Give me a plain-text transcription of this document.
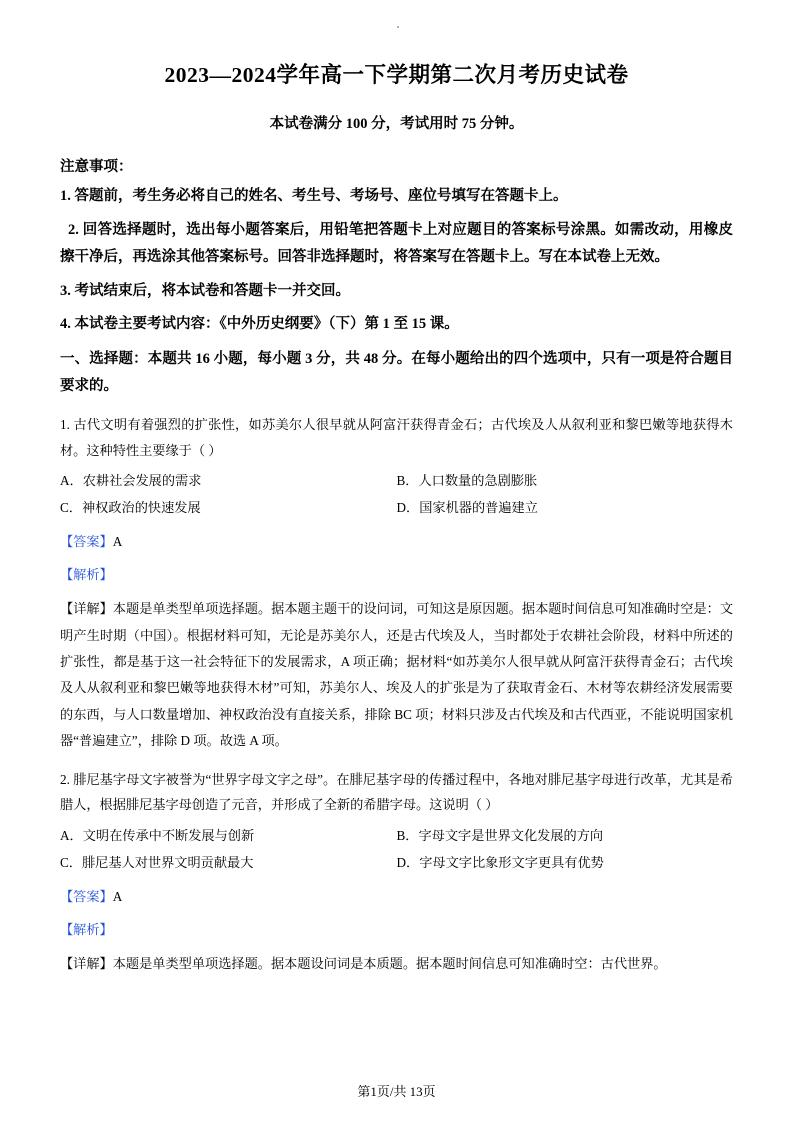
2023—2024学年高一下学期第二次月考历史试卷
本试卷满分 100 分，考试用时 75 分钟。
注意事项：
1. 答题前，考生务必将自己的姓名、考生号、考场号、座位号填写在答题卡上。
2. 回答选择题时，选出每小题答案后，用铅笔把答题卡上对应题目的答案标号涂黑。如需改动，用橡皮擦干净后，再选涂其他答案标号。回答非选择题时，将答案写在答题卡上。写在本试卷上无效。
3. 考试结束后，将本试卷和答题卡一并交回。
4. 本试卷主要考试内容：《中外历史纲要》（下）第 1 至 15 课。
一、选择题：本题共 16 小题，每小题 3 分，共 48 分。在每小题给出的四个选项中，只有一项是符合题目要求的。
1. 古代文明有着强烈的扩张性，如苏美尔人很早就从阿富汗获得青金石；古代埃及人从叙利亚和黎巴嫩等地获得木材。这种特性主要缘于（ ）
A．农耕社会发展的需求	B．人口数量的急剧膨胀
C．神权政治的快速发展	D．国家机器的普遍建立
【答案】A
【解析】
【详解】本题是单类型单项选择题。据本题主题干的设问词，可知这是原因题。据本题时间信息可知准确时空是：文明产生时期（中国）。根据材料可知，无论是苏美尔人，还是古代埃及人，当时都处于农耕社会阶段，材料中所述的扩张性，都是基于这一社会特征下的发展需求，A 项正确；据材料“如苏美尔人很早就从阿富汗获得青金石；古代埃及人从叙利亚和黎巴嫩等地获得木材”可知，苏美尔人、埃及人的扩张是为了获取青金石、木材等农耕经济发展需要的东西，与人口数量增加、神权政治没有直接关系，排除 BC 项；材料只涉及古代埃及和古代西亚，不能说明国家机器“普遍建立”，排除 D 项。故选 A 项。
2. 腓尼基字母文字被誉为“世界字母文字之母”。在腓尼基字母的传播过程中，各地对腓尼基字母进行改革，尤其是希腊人，根据腓尼基字母创造了元音，并形成了全新的希腊字母。这说明（ ）
A．文明在传承中不断发展与创新	B．字母文字是世界文化发展的方向
C．腓尼基人对世界文明贡献最大	D．字母文字比象形文字更具有优势
【答案】A
【解析】
【详解】本题是单类型单项选择题。据本题设问词是本质题。据本题时间信息可知准确时空：古代世界。
第1页/共 13页
